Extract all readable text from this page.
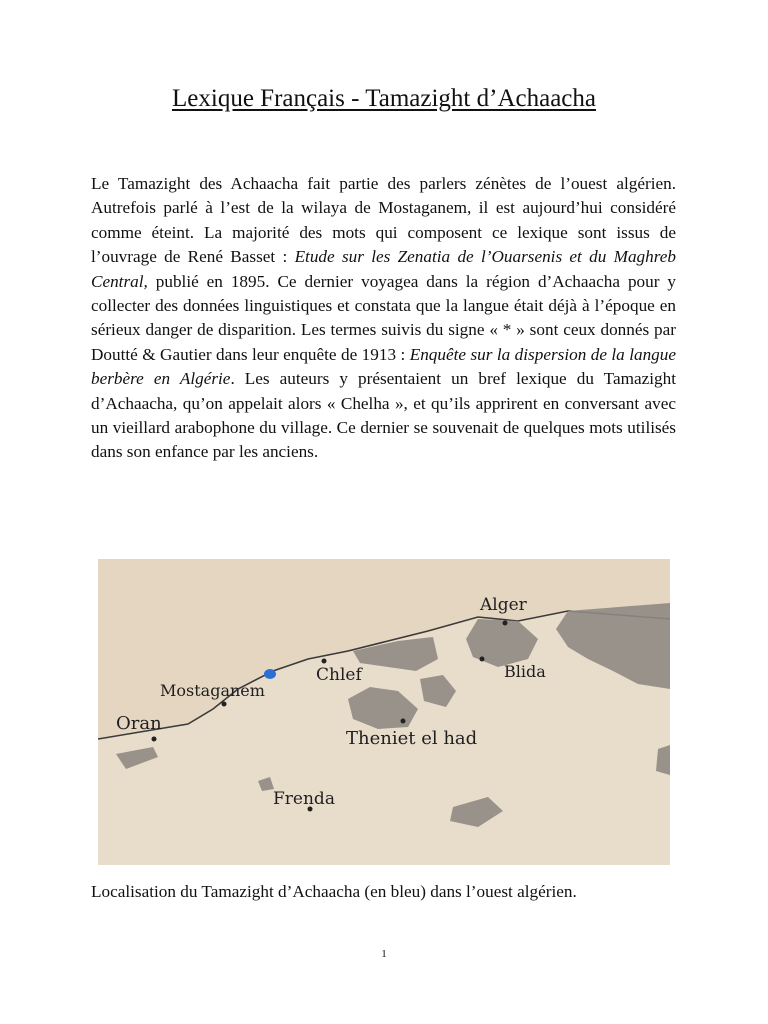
Lexique Français - Tamazight d’Achaacha

Le Tamazight des Achaacha fait partie des parlers zénètes de l’ouest algérien. Autrefois parlé à l’est de la wilaya de Mostaganem, il est aujourd’hui considéré comme éteint. La majorité des mots qui composent ce lexique sont issus de l’ouvrage de René Basset : Etude sur les Zenatia de l’Ouarsenis et du Maghreb Central, publié en 1895. Ce dernier voyagea dans la région d’Achaacha pour y collecter des données linguistiques et constata que la langue était déjà à l’époque en sérieux danger de disparition. Les termes suivis du signe « * » sont ceux donnés par Doutté & Gautier dans leur enquête de 1913 : Enquête sur la dispersion de la langue berbère en Algérie. Les auteurs y présentaient un bref lexique du Tamazight d’Achaacha, qu’on appelait alors « Chelha », et qu’ils apprirent en conversant avec un vieillard arabophone du village. Ce dernier se souvenait de quelques mots utilisés dans son enfance par les anciens.

Alger
Blida
Chlef
Mostaganem
Oran
Theniet el had
Frenda

Localisation du Tamazight d’Achaacha (en bleu) dans l’ouest algérien.

1
